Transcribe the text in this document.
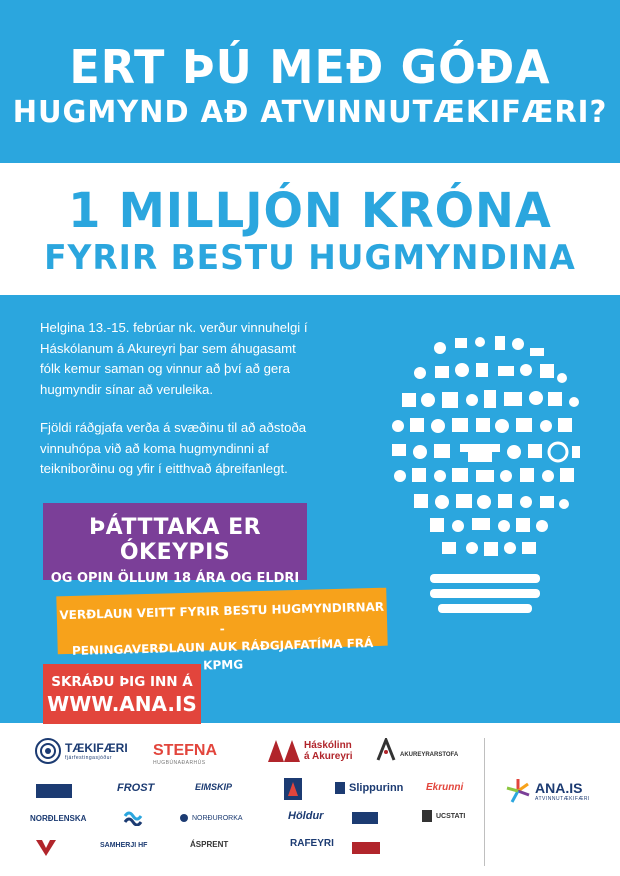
ERT ÞÚ MEÐ GÓÐA
HUGMYND AÐ ATVINNUTÆKIFÆRI?
1 MILLJÓN KRÓNA
FYRIR BESTU HUGMYNDINA
Helgina 13.-15. febrúar nk. verður vinnuhelgi í
Háskólanum á Akureyri þar sem áhugasamt
fólk kemur saman og vinnur að því að gera
hugmyndir sínar að veruleika.
Fjöldi ráðgjafa verða á svæðinu til að aðstoða
vinnuhópa við að koma hugmyndinni af
teikniborðinu og yfir í eitthvað áþreifanlegt.
ÞÁTTTAKA ER ÓKEYPIS
OG OPIN ÖLLUM 18 ÁRA OG ELDRI
VERÐLAUN VEITT FYRIR BESTU HUGMYNDIRNAR -
PENINGAVERÐLAUN AUK RÁÐGJAFATÍMA FRÁ KPMG
SKRÁÐU ÞIG INN Á
WWW.ANA.IS
TÆKIFÆRI
fjárfestingasjóður	STEFNA
HUGBÚNAÐARHÚS
Háskólinn
á Akureyri	AKUREYRARSTOFA
FROST	EIMSKIP	Slippurinn Ekrunni
NORÐLENSKA	NORÐURORKA	Höldur	UCSTATI
SAMHERJI HF	ÁSPRENT	RAFEYRI
ANA.IS
ATVINNUTÆKIFÆRI
